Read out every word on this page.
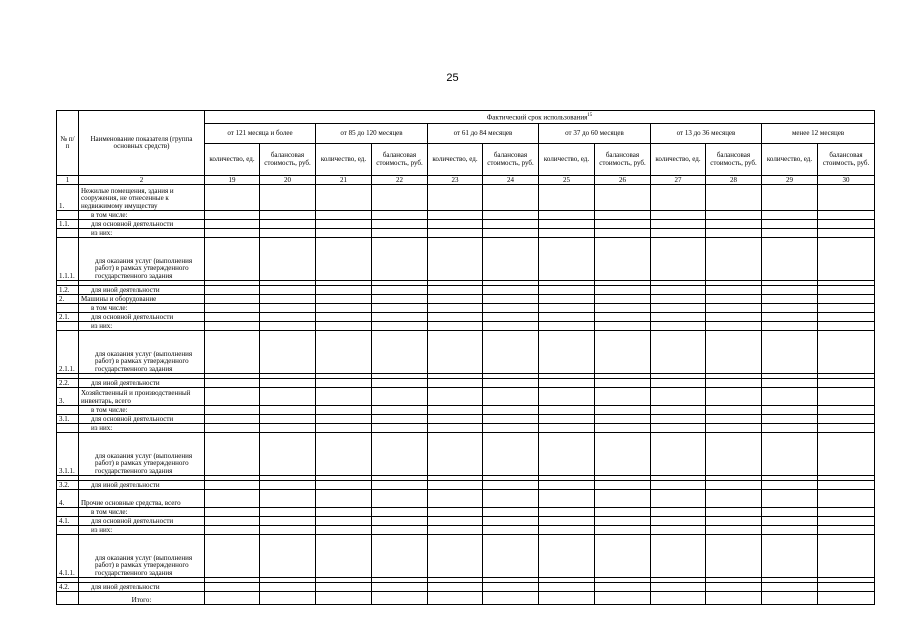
25
№ п/п	Наименование показателя (группа основных средств)	Фактический срок использования$^{15}$
		от 121 месяца и более		от 85 до 120 месяцев		от 61 до 84 месяцев		от 37 до 60 месяцев		от 13 до 36 месяцев		менее 12 месяцев	
		количество, ед.	балансовая стоимость, руб.	количество, ед.	балансовая стоимость, руб.	количество, ед.	балансовая стоимость, руб.	количество, ед.	балансовая стоимость, руб.	количество, ед.	балансовая стоимость, руб.	количество, ед.	балансовая стоимость, руб.
1	2	19	20	21	22	23	24	25	26	27	28	29	30
1.	Нежилые помещения, здания и сооружения, не отнесенные к недвижимому имуществу												
	в том числе:												
1.1.	для основной деятельности												
	из них:												
1.1.1.	для оказания услуг (выполнения работ) в рамках утвержденного государственного задания												

1.2.	для иной деятельности												
2.	Машины и оборудование												
	в том числе:												
2.1.	для основной деятельности												
	из них:												
2.1.1.	для оказания услуг (выполнения работ) в рамках утвержденного государственного задания												

2.2.	для иной деятельности												
3.	Хозяйственный и производственный инвентарь, всего												
	в том числе:												
3.1.	для основной деятельности												
	из них:												
3.1.1.	для оказания услуг (выполнения работ) в рамках утвержденного государственного задания												

3.2.	для иной деятельности												
4.	Прочие основные средства, всего												
	в том числе:												
4.1.	для основной деятельности												
	из них:												
4.1.1.	для оказания услуг (выполнения работ) в рамках утвержденного государственного задания												

4.2.	для иной деятельности												
	Итого:												
